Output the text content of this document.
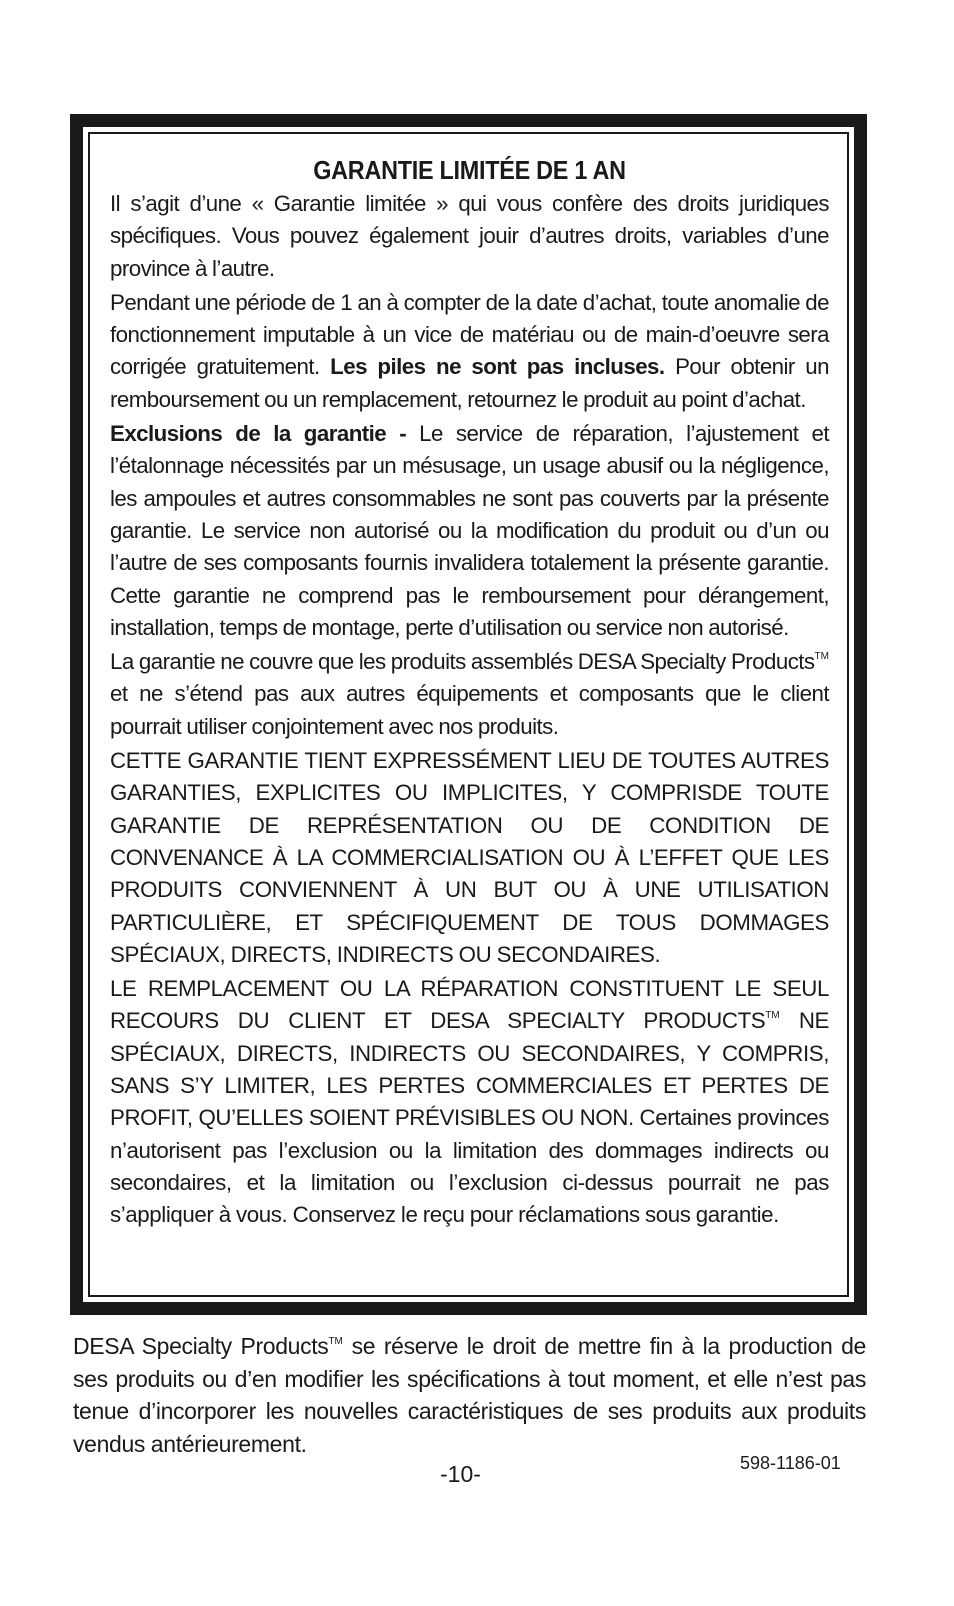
GARANTIE LIMITÉE DE 1 AN

Il s’agit d’une « Garantie limitée » qui vous confère des droits juridiques spécifiques. Vous pouvez également jouir d’autres droits, variables d’une province à l’autre.

Pendant une période de 1 an à compter de la date d’achat, toute anomalie de fonctionnement imputable à un vice de matériau ou de main-d’oeuvre sera corrigée gratuitement. Les piles ne sont pas incluses. Pour obtenir un remboursement ou un remplacement, retournez le produit au point d’achat.

Exclusions de la garantie - Le service de réparation, l’ajustement et l’étalonnage nécessités par un mésusage, un usage abusif ou la négligence, les ampoules et autres consommables ne sont pas couverts par la présente garantie. Le service non autorisé ou la modification du produit ou d’un ou l’autre de ses composants fournis invalidera totalement la présente garantie. Cette garantie ne comprend pas le remboursement pour dérangement, installation, temps de montage, perte d’utilisation ou service non autorisé.

La garantie ne couvre que les produits assemblés DESA Specialty Products™ et ne s’étend pas aux autres équipements et composants que le client pourrait utiliser conjointement avec nos produits.

CETTE GARANTIE TIENT EXPRESSÉMENT LIEU DE TOUTES AUTRES GARANTIES, EXPLICITES OU IMPLICITES, Y COMPRISDE TOUTE GARANTIE DE REPRÉSENTATION OU DE CONDITION DE CONVENANCE À LA COMMERCIALISATION OU À L’EFFET QUE LES PRODUITS CONVIENNENT À UN BUT OU À UNE UTILISATION PARTICULIÈRE, ET SPÉCIFIQUEMENT DE TOUS DOMMAGES SPÉCIAUX, DIRECTS, INDIRECTS OU SECONDAIRES.

LE REMPLACEMENT OU LA RÉPARATION CONSTITUENT LE SEUL RECOURS DU CLIENT ET DESA SPECIALTY PRODUCTS™ NE SPÉCIAUX, DIRECTS, INDIRECTS OU SECONDAIRES, Y COMPRIS, SANS S’Y LIMITER, LES PERTES COMMERCIALES ET PERTES DE PROFIT, QU’ELLES SOIENT PRÉVISIBLES OU NON. Certaines provinces n’autorisent pas l’exclusion ou la limitation des dommages indirects ou secondaires, et la limitation ou l’exclusion ci-dessus pourrait ne pas s’appliquer à vous. Conservez le reçu pour réclamations sous garantie.

DESA Specialty Products™ se réserve le droit de mettre fin à la production de ses produits ou d’en modifier les spécifications à tout moment, et elle n’est pas tenue d’incorporer les nouvelles caractéristiques de ses produits aux produits vendus antérieurement.

-10-	598-1186-01
